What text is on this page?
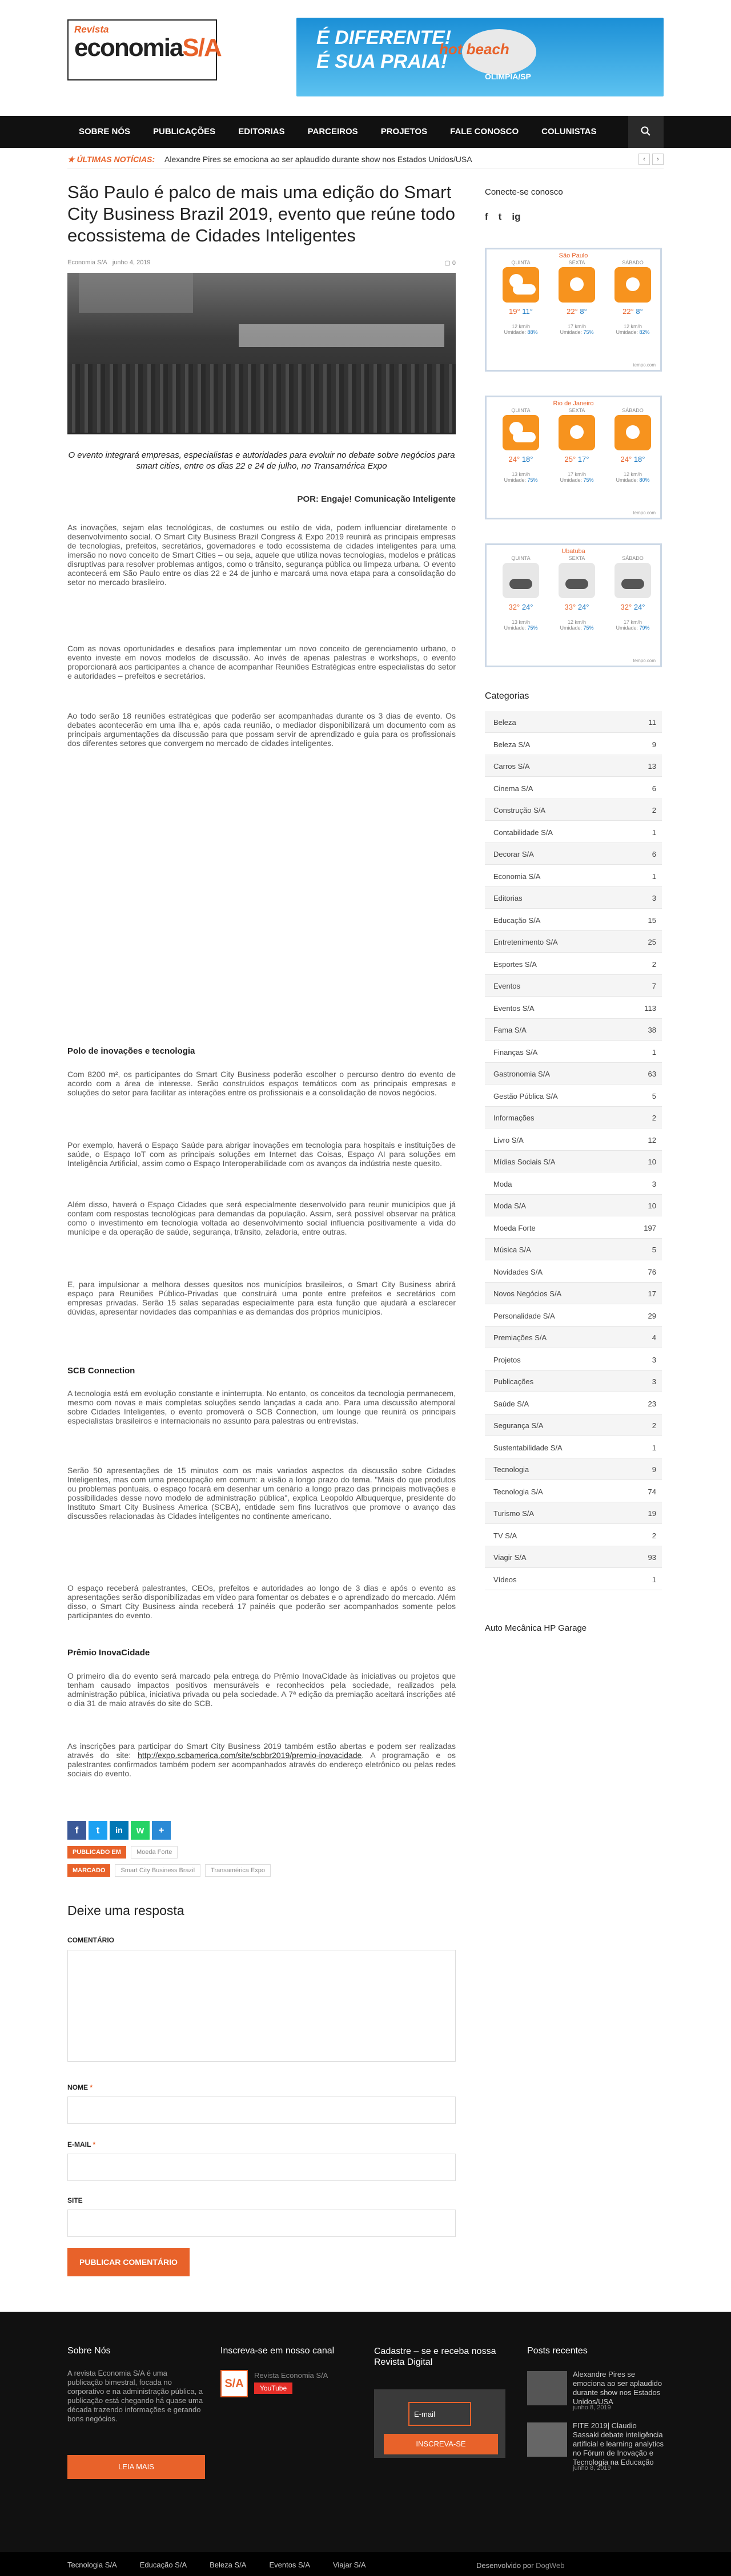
Revista
economiaS/A	É DIFERENTE!
É SUA PRAIA!
hot beach
OLIMPIA/SP
SOBRE NÓS	PUBLICAÇÕES	EDITORIAS	PARCEIROS	PROJETOS	FALE CONOSCO	COLUNISTAS
★ ÚLTIMAS NOTÍCIAS: Alexandre Pires se emociona ao ser aplaudido durante show nos Estados Unidos/USA	‹	›
São Paulo é palco de mais uma edição do Smart City Business Brazil 2019, evento que reúne todo ecossistema de Cidades Inteligentes
Economia S/A junho 4, 2019	▢ 0
O evento integrará empresas, especialistas e autoridades para evoluir no debate sobre negócios para smart cities, entre os dias 22 e 24 de julho, no Transamérica Expo
POR: Engaje! Comunicação Inteligente

As inovações, sejam elas tecnológicas, de costumes ou estilo de vida, podem influenciar diretamente o desenvolvimento social. O Smart City Business Brazil Congress & Expo 2019 reunirá as principais empresas de tecnologias, prefeitos, secretários, governadores e todo ecossistema de cidades inteligentes para uma imersão no novo conceito de Smart Cities – ou seja, aquele que utiliza novas tecnologias, modelos e práticas disruptivas para resolver problemas antigos, como o trânsito, segurança pública ou limpeza urbana. O evento acontecerá em São Paulo entre os dias 22 e 24 de junho e marcará uma nova etapa para a consolidação do setor no mercado brasileiro.

Com as novas oportunidades e desafios para implementar um novo conceito de gerenciamento urbano, o evento investe em novos modelos de discussão. Ao invés de apenas palestras e workshops, o evento proporcionará aos participantes a chance de acompanhar Reuniões Estratégicas entre especialistas do setor e autoridades – prefeitos e secretários.

Ao todo serão 18 reuniões estratégicas que poderão ser acompanhadas durante os 3 dias de evento. Os debates acontecerão em uma ilha e, após cada reunião, o mediador disponibilizará um documento com as principais argumentações da discussão para que possam servir de aprendizado e guia para os profissionais dos diferentes setores que convergem no mercado de cidades inteligentes.

Polo de inovações e tecnologia

Com 8200 m², os participantes do Smart City Business poderão escolher o percurso dentro do evento de acordo com a área de interesse. Serão construídos espaços temáticos com as principais empresas e soluções do setor para facilitar as interações entre os profissionais e a consolidação de novos negócios.

Por exemplo, haverá o Espaço Saúde para abrigar inovações em tecnologia para hospitais e instituições de saúde, o Espaço IoT com as principais soluções em Internet das Coisas, Espaço AI para soluções em Inteligência Artificial, assim como o Espaço Interoperabilidade com os avanços da indústria neste quesito.

Além disso, haverá o Espaço Cidades que será especialmente desenvolvido para reunir municípios que já contam com respostas tecnológicas para demandas da população. Assim, será possível observar na prática como o investimento em tecnologia voltada ao desenvolvimento social influencia positivamente a vida do munícipe e da operação de saúde, segurança, trânsito, zeladoria, entre outras.

E, para impulsionar a melhora desses quesitos nos municípios brasileiros, o Smart City Business abrirá espaço para Reuniões Público-Privadas que construirá uma ponte entre prefeitos e secretários com empresas privadas. Serão 15 salas separadas especialmente para esta função que ajudará a esclarecer dúvidas, apresentar novidades das companhias e as demandas dos próprios municípios.

SCB Connection

A tecnologia está em evolução constante e ininterrupta. No entanto, os conceitos da tecnologia permanecem, mesmo com novas e mais completas soluções sendo lançadas a cada ano. Para uma discussão atemporal sobre Cidades Inteligentes, o evento promoverá o SCB Connection, um lounge que reunirá os principais especialistas brasileiros e internacionais no assunto para palestras ou entrevistas.

Serão 50 apresentações de 15 minutos com os mais variados aspectos da discussão sobre Cidades Inteligentes, mas com uma preocupação em comum: a visão a longo prazo do tema. "Mais do que produtos ou problemas pontuais, o espaço focará em desenhar um cenário a longo prazo das principais motivações e possibilidades desse novo modelo de administração pública", explica Leopoldo Albuquerque, presidente do Instituto Smart City Business America (SCBA), entidade sem fins lucrativos que promove o avanço das discussões relacionadas às Cidades inteligentes no continente americano.

O espaço receberá palestrantes, CEOs, prefeitos e autoridades ao longo de 3 dias e após o evento as apresentações serão disponibilizadas em vídeo para fomentar os debates e o aprendizado do mercado. Além disso, o Smart City Business ainda receberá 17 painéis que poderão ser acompanhados somente pelos participantes do evento.

Prêmio InovaCidade

O primeiro dia do evento será marcado pela entrega do Prêmio InovaCidade às iniciativas ou projetos que tenham causado impactos positivos mensuráveis e reconhecidos pela sociedade, realizados pela administração pública, iniciativa privada ou pela sociedade. A 7ª edição da premiação aceitará inscrições até o dia 31 de maio através do site do SCB.

As inscrições para participar do Smart City Business 2019 também estão abertas e podem ser realizadas através do site: http://expo.scbamerica.com/site/scbbr2019/premio-inovacidade. A programação e os palestrantes confirmados também podem ser acompanhados através do endereço eletrônico ou pelas redes sociais do evento.

f	t	in	w	+
PUBLICADO EM	Moeda Forte
MARCADO	Smart City Business Brazil	Transamérica Expo
Deixe uma resposta
COMENTÁRIO
NOME *
E-MAIL *
SITE
PUBLICAR COMENTÁRIO
Conecte-se conosco
f t ig
São Paulo
QUINTA
19° 11°
12 km/h
Umidade: 88%
SEXTA
22° 8°
17 km/h
Umidade: 75%
SÁBADO
22° 8°
12 km/h
Umidade: 82%
tempo.com
Rio de Janeiro
QUINTA
24° 18°
13 km/h
Umidade: 75%
SEXTA
25° 17°
17 km/h
Umidade: 75%
SÁBADO
24° 18°
12 km/h
Umidade: 80%
tempo.com
Ubatuba
QUINTA
32° 24°
13 km/h
Umidade: 75%
SEXTA
33° 24°
12 km/h
Umidade: 75%
SÁBADO
32° 24°
17 km/h
Umidade: 79%
tempo.com
Categorias
Beleza	11
Beleza S/A	9
Carros S/A	13
Cinema S/A	6
Construção S/A	2
Contabilidade S/A	1
Decorar S/A	6
Economia S/A	1
Editorias	3
Educação S/A	15
Entretenimento S/A	25
Esportes S/A	2
Eventos	7
Eventos S/A	113
Fama S/A	38
Finanças S/A	1
Gastronomia S/A	63
Gestão Pública S/A	5
Informações	2
Livro S/A	12
Mídias Sociais S/A	10
Moda	3
Moda S/A	10
Moeda Forte	197
Música S/A	5
Novidades S/A	76
Novos Negócios S/A	17
Personalidade S/A	29
Premiações S/A	4
Projetos	3
Publicações	3
Saúde S/A	23
Segurança S/A	2
Sustentabilidade S/A	1
Tecnologia	9
Tecnologia S/A	74
Turismo S/A	19
TV S/A	2
Viagir S/A	93
Vídeos	1
Auto Mecânica HP Garage
Sobre Nós
A revista Economia S/A é uma publicação bimestral, focada no corporativo e na administração pública, a publicação está chegando há quase uma década trazendo informações e gerando bons negócios.
Inscreva-se em nosso canal
Revista Economia S/A
YouTube
Cadastre – se e receba nossa Revista Digital
Posts recentes
Alexandre Pires se emociona ao ser aplaudido durante show nos Estados Unidos/USA
junho 8, 2019
FITE 2019| Claudio Sassaki debate inteligência artificial e learning analytics no Fórum de Inovação e Tecnologia na Educação
junho 8, 2019
LEIA MAIS
S/A
E-mail
INSCREVA-SE
Tecnologia S/A	Educação S/A	Beleza S/A	Eventos S/A	Viajar S/A	Desenvolvido por DogWeb
